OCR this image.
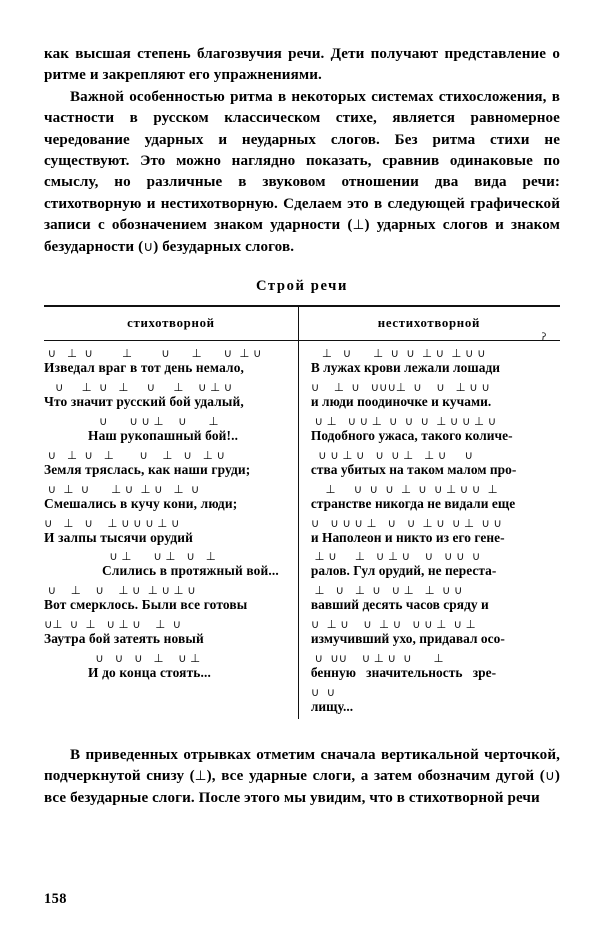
как высшая степень благозвучия речи. Дети получают представление о ритме и закрепляют его упражнениями.

Важной особенностью ритма в некоторых системах стихосложения, в частности в русском классическом стихе, является равномерное чередование ударных и неударных слогов. Без ритма стихи не существуют. Это можно наглядно показать, сравнив одинаковые по смыслу, но различные в звуковом отношении два вида речи: стихотворную и нестихотворную. Сделаем это в следующей графической записи с обозначением знаком ударности (⊥) ударных слогов и знаком безударности (∪) безударных слогов.

Строй речи
стихотворной	нестихотворной
ʔ
∪   ⊥  ∪        ⊥        ∪      ⊥      ∪  ⊥ ∪
Изведал враг в тот день немало,
∪     ⊥  ∪   ⊥     ∪     ⊥    ∪ ⊥ ∪
Что значит русский бой удалый,
∪      ∪ ∪ ⊥    ∪      ⊥
Наш рукопашный бой!..
∪   ⊥  ∪   ⊥       ∪    ⊥   ∪   ⊥ ∪
Земля тряслась, как наши груди;
∪  ⊥  ∪      ⊥ ∪  ⊥ ∪   ⊥  ∪
Смешались в кучу кони, люди;
∪   ⊥   ∪    ⊥ ∪ ∪ ∪ ⊥ ∪
И залпы тысячи орудий
∪ ⊥      ∪ ⊥   ∪   ⊥
Слились в протяжный вой...
∪    ⊥    ∪    ⊥ ∪  ⊥ ∪ ⊥ ∪
Вот смерклось. Были все готовы
∪⊥  ∪  ⊥   ∪ ⊥ ∪    ⊥  ∪
Заутра бой затеять новый
∪   ∪   ∪   ⊥    ∪ ⊥
И до конца стоять...
⊥   ∪      ⊥  ∪  ∪  ⊥ ∪  ⊥ ∪ ∪
В лужах крови лежали лошади
∪    ⊥  ∪   ∪∪∪⊥  ∪    ∪   ⊥ ∪ ∪
и люди поодиночке и кучами.
∪ ⊥   ∪ ∪ ⊥  ∪  ∪  ∪  ⊥ ∪ ∪ ⊥ ∪
Подобного ужаса, такого количе-
∪ ∪ ⊥ ∪   ∪  ∪ ⊥   ⊥ ∪     ∪
ства убитых на таком малом про-
⊥     ∪  ∪  ∪  ⊥  ∪  ∪ ⊥ ∪ ∪  ⊥
странстве никогда не видали еще
∪   ∪ ∪ ∪ ⊥   ∪   ∪  ⊥ ∪  ∪ ⊥  ∪ ∪
и Наполеон и никто из его гене-
⊥ ∪     ⊥   ∪ ⊥ ∪    ∪   ∪ ∪  ∪
ралов. Гул орудий, не переста-
⊥   ∪   ⊥  ∪   ∪ ⊥   ⊥  ∪ ∪
вавший десять часов сряду и
∪  ⊥ ∪    ∪  ⊥ ∪   ∪ ∪ ⊥  ∪ ⊥
измучивший ухо, придавал осо-
∪  ∪∪    ∪ ⊥ ∪  ∪      ⊥
бенную   значительность   зре-
∪  ∪
лищу...

В приведенных отрывках отметим сначала вертикальной черточкой, подчеркнутой снизу (⊥), все ударные слоги, а затем обозначим дугой (∪) все безударные слоги. После этого мы увидим, что в стихотворной речи

158
